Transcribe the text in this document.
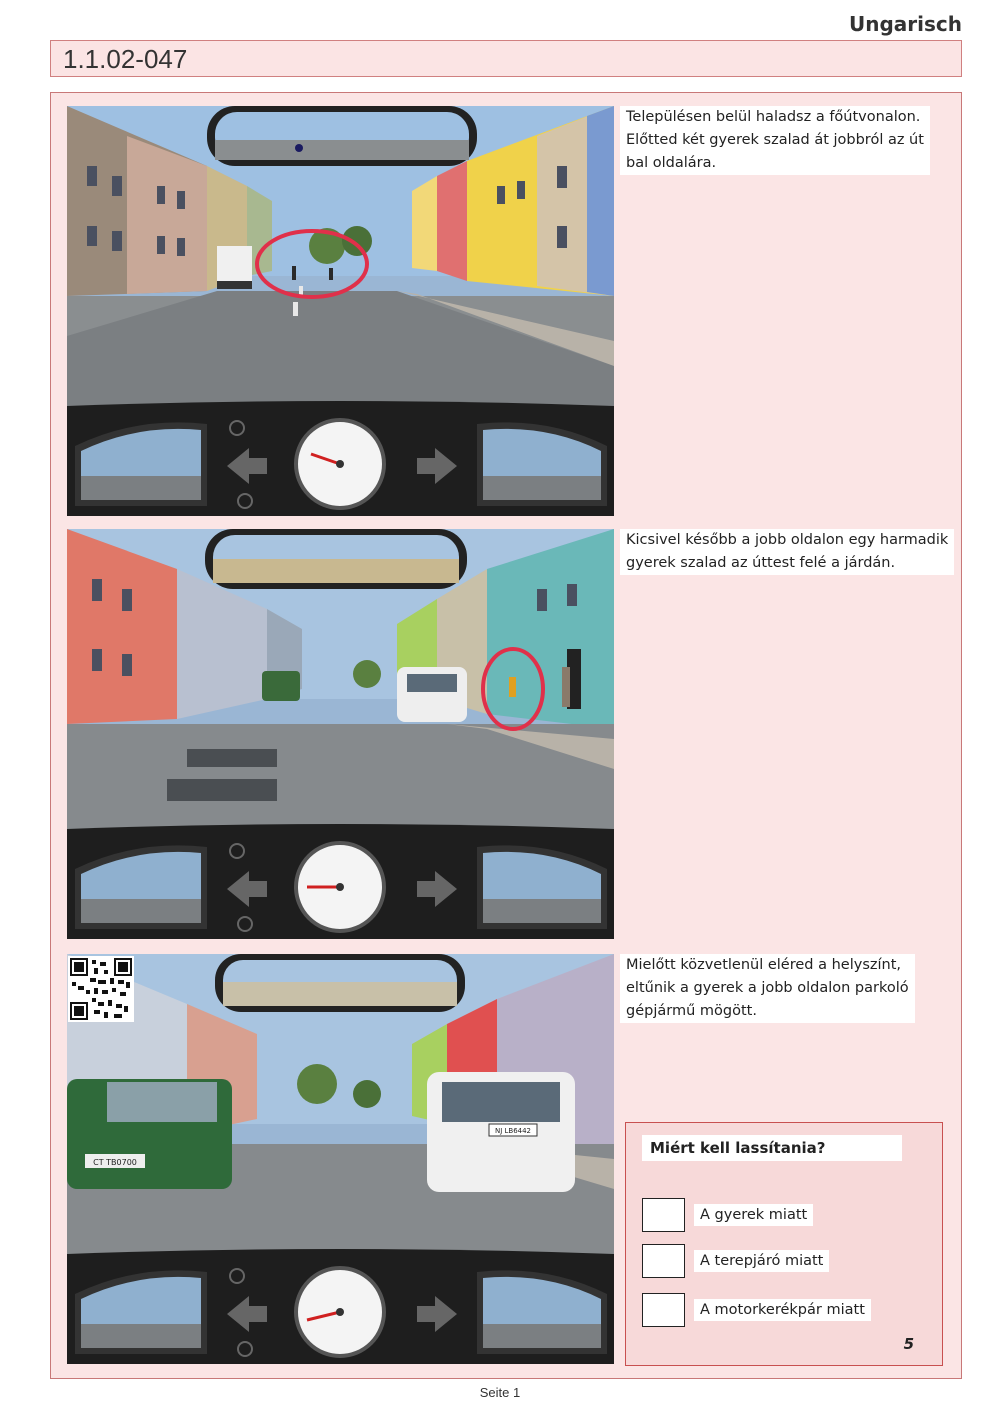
Ungarisch
1.1.02-047
Településen belül haladsz a főútvonalon.
Előtted két gyerek szalad át jobbról az út
bal oldalára.
Kicsivel később a jobb oldalon egy harmadik
gyerek szalad az úttest felé a járdán.
CT TB0700
NJ LB6442
Mielőtt közvetlenül eléred a helyszínt,
eltűnik a gyerek a jobb oldalon parkoló
gépjármű mögött.
Miért kell lassítania?
A gyerek miatt
A terepjáró miatt
A motorkerékpár miatt
5
Seite 1
